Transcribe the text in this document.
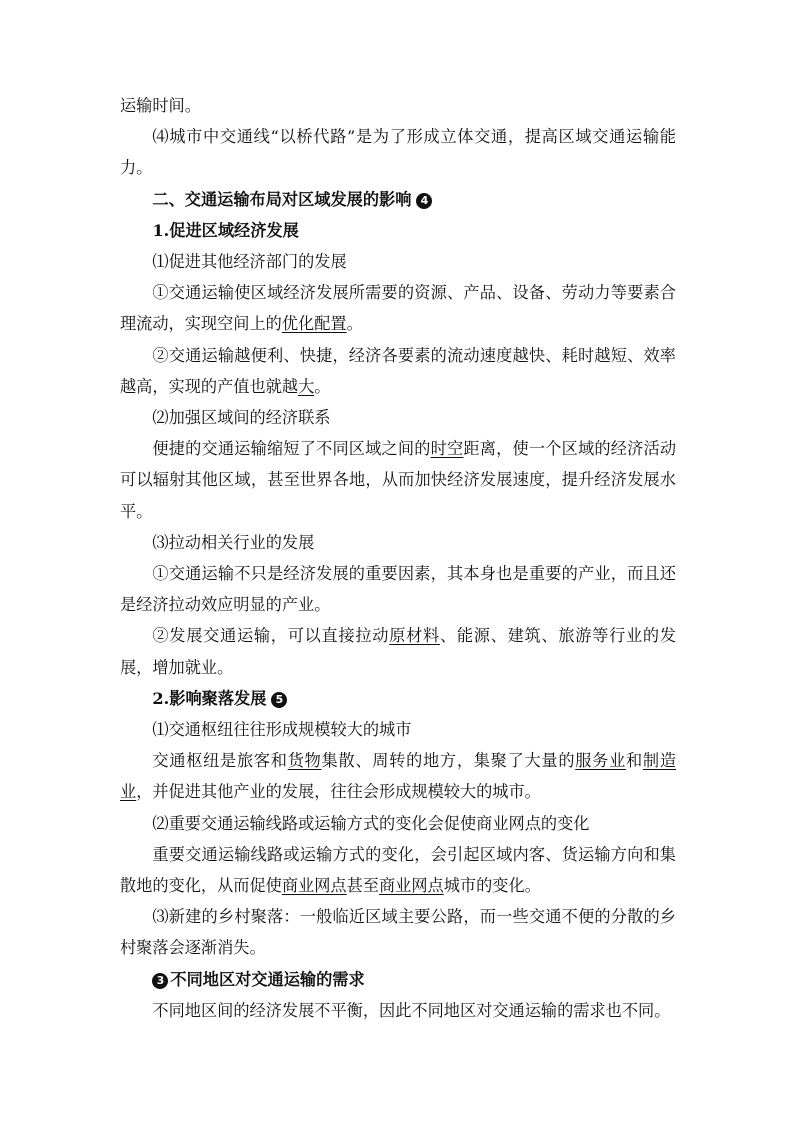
运输时间。

⑷城市中交通线“以桥代路”是为了形成立体交通，提高区域交通运输能力。

二、交通运输布局对区域发展的影响 4

1.促进区域经济发展

⑴促进其他经济部门的发展

①交通运输使区域经济发展所需要的资源、产品、设备、劳动力等要素合理流动，实现空间上的优化配置。

②交通运输越便利、快捷，经济各要素的流动速度越快、耗时越短、效率越高，实现的产值也就越大。

⑵加强区域间的经济联系

便捷的交通运输缩短了不同区域之间的时空距离，使一个区域的经济活动可以辐射其他区域，甚至世界各地，从而加快经济发展速度，提升经济发展水平。

⑶拉动相关行业的发展

①交通运输不只是经济发展的重要因素，其本身也是重要的产业，而且还是经济拉动效应明显的产业。

②发展交通运输，可以直接拉动原材料、能源、建筑、旅游等行业的发展，增加就业。

2.影响聚落发展 5

⑴交通枢纽往往形成规模较大的城市

交通枢纽是旅客和货物集散、周转的地方，集聚了大量的服务业和制造业，并促进其他产业的发展，往往会形成规模较大的城市。

⑵重要交通运输线路或运输方式的变化会促使商业网点的变化

重要交通运输线路或运输方式的变化，会引起区域内客、货运输方向和集散地的变化，从而促使商业网点甚至商业网点城市的变化。

⑶新建的乡村聚落：一般临近区域主要公路，而一些交通不便的分散的乡村聚落会逐渐消失。

3 不同地区对交通运输的需求

不同地区间的经济发展不平衡，因此不同地区对交通运输的需求也不同。
